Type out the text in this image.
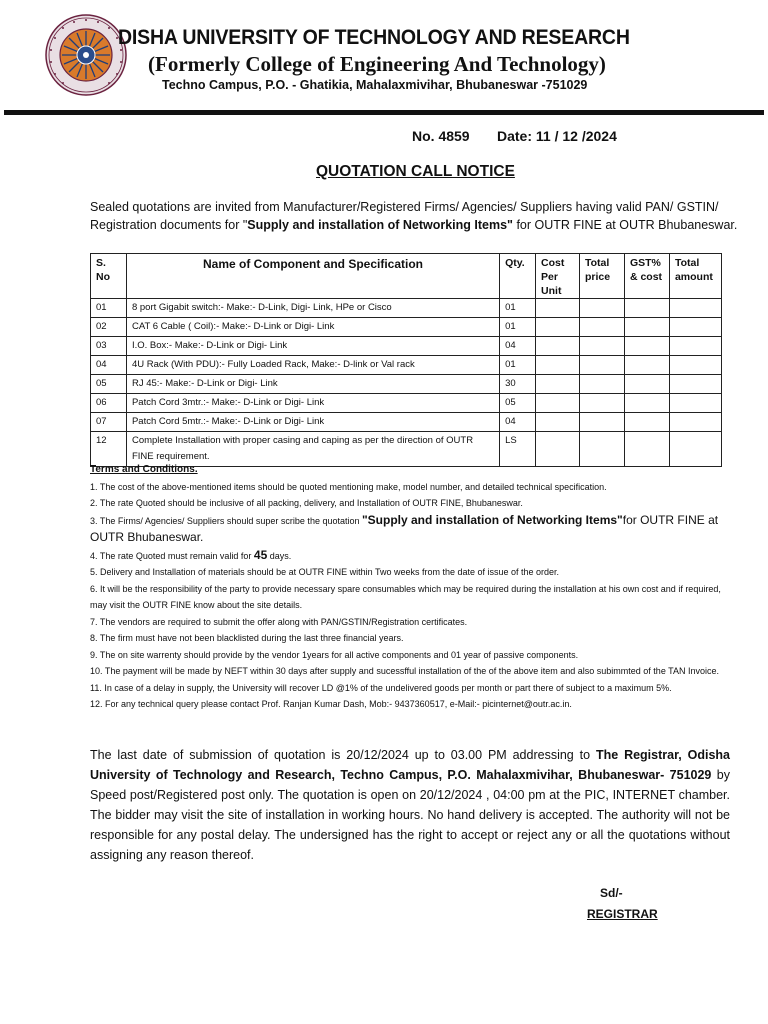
DISHA UNIVERSITY OF TECHNOLOGY AND RESEARCH
(Formerly College of Engineering And Technology)
Techno Campus, P.O. - Ghatikia, Mahalaxmivihar, Bhubaneswar -751029
No. 4859 Date: 11 / 12 /2024
QUOTATION CALL NOTICE
Sealed quotations are invited from Manufacturer/Registered Firms/ Agencies/ Suppliers having valid PAN/ GSTIN/ Registration documents for "Supply and installation of Networking Items" for OUTR FINE at OUTR Bhubaneswar.
S. No	Name of Component and Specification	Qty.	Cost Per Unit	Total price	GST% & cost	Total amount
01	8 port Gigabit switch:- Make:- D-Link, Digi- Link, HPe or Cisco	01				
02	CAT 6 Cable ( Coil):- Make:- D-Link or Digi- Link	01				
03	I.O. Box:- Make:- D-Link or Digi- Link	04				
04	4U Rack (With PDU):- Fully Loaded Rack, Make:- D-link or Val rack	01				
05	RJ 45:- Make:- D-Link or Digi- Link	30				
06	Patch Cord 3mtr.:- Make:- D-Link or Digi- Link	05				
07	Patch Cord 5mtr.:- Make:- D-Link or Digi- Link	04				
12	Complete Installation with proper casing and caping as per the direction of OUTR FINE requirement.	LS				
Terms and Conditions.
1. The cost of the above-mentioned items should be quoted mentioning make, model number, and detailed technical specification.
2. The rate Quoted should be inclusive of all packing, delivery, and Installation of OUTR FINE, Bhubaneswar.
3. The Firms/ Agencies/ Suppliers should super scribe the quotation "Supply and installation of Networking Items"for OUTR FINE at OUTR Bhubaneswar.
4. The rate Quoted must remain valid for 45 days.
5. Delivery and Installation of materials should be at OUTR FINE within Two weeks from the date of issue of the order.
6. It will be the responsibility of the party to provide necessary spare consumables which may be required during the installation at his own cost and if required, may visit the OUTR FINE know about the site details.
7. The vendors are required to submit the offer along with PAN/GSTIN/Registration certificates.
8. The firm must have not been blacklisted during the last three financial years.
9. The on site warrenty should provide by the vendor 1years for all active components and 01 year of passive components.
10. The payment will be made by NEFT within 30 days after supply and sucessfful installation of the of the above item and also subimmted of the TAN Invoice.
11. In case of a delay in supply, the University will recover LD @1% of the undelivered goods per month or part there of subject to a maximum 5%.
12. For any technical query please contact Prof. Ranjan Kumar Dash, Mob:- 9437360517, e-Mail:- picinternet@outr.ac.in.
The last date of submission of quotation is 20/12/2024 up to 03.00 PM addressing to The Registrar, Odisha University of Technology and Research, Techno Campus, P.O. Mahalaxmivihar, Bhubaneswar- 751029 by Speed post/Registered post only. The quotation is open on 20/12/2024 , 04:00 pm at the PIC, INTERNET chamber. The bidder may visit the site of installation in working hours. No hand delivery is accepted. The authority will not be responsible for any postal delay. The undersigned has the right to accept or reject any or all the quotations without assigning any reason thereof.
Sd/-
REGISTRAR
